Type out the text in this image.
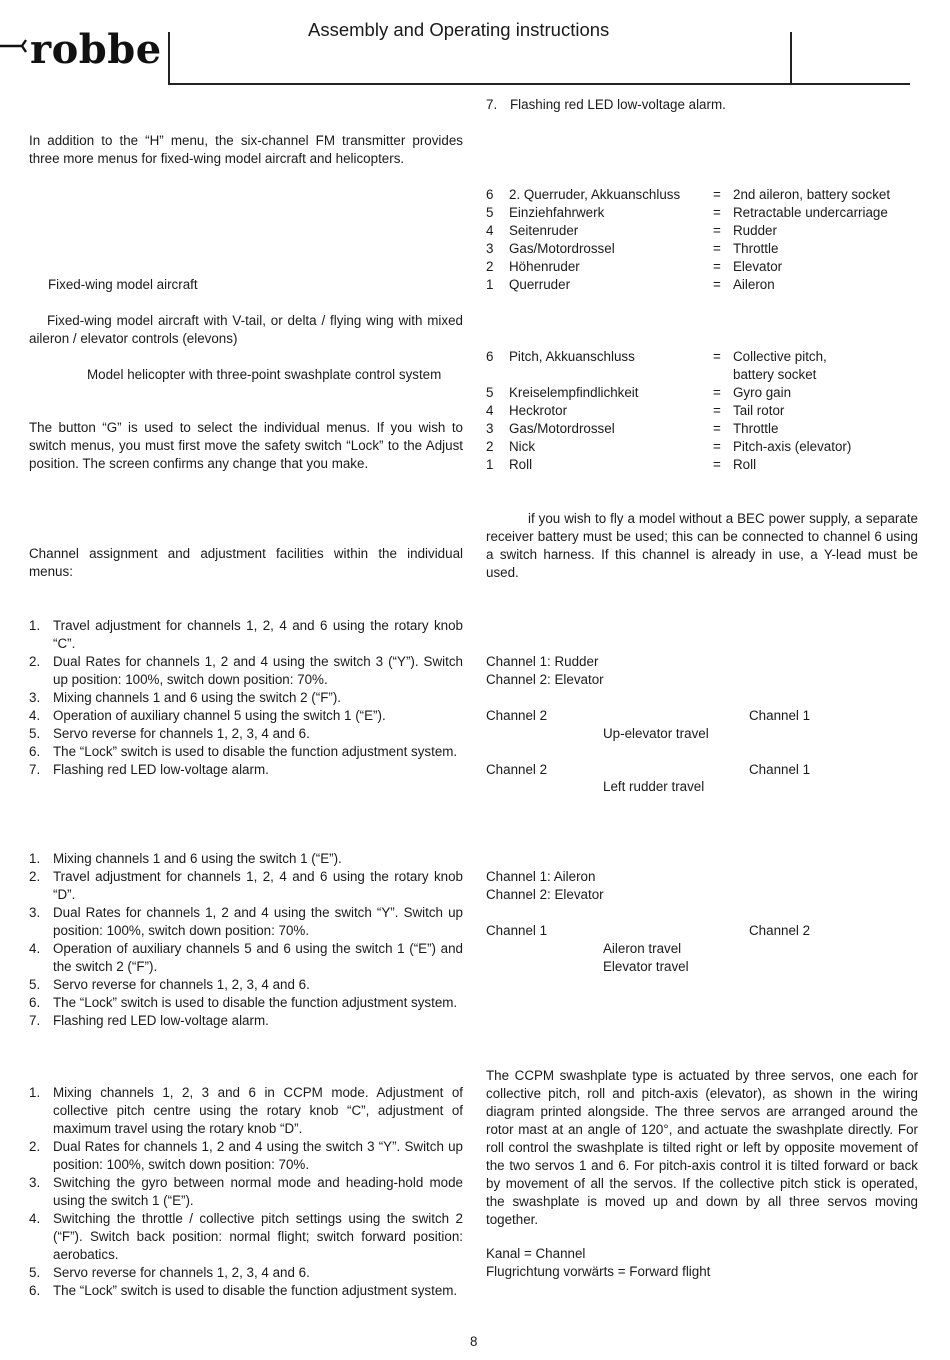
robbe	Assembly and Operating instructions
In addition to the “H” menu, the six-channel FM transmitter provides three more menus for fixed-wing model aircraft and helicopters.
Fixed-wing model aircraft
Fixed-wing model aircraft with V-tail, or delta / flying wing with mixed aileron / elevator controls (elevons)
Model helicopter with three-point swashplate control system
The button “G” is used to select the individual menus. If you wish to switch menus, you must first move the safety switch “Lock” to the Adjust position. The screen confirms any change that you make.
Channel assignment and adjustment facilities within the individual menus:
1. Travel adjustment for channels 1, 2, 4 and 6 using the rotary knob “C”.
2. Dual Rates for channels 1, 2 and 4 using the switch 3 (“Y”). Switch up position: 100%, switch down position: 70%.
3. Mixing channels 1 and 6 using the switch 2 (“F”).
4. Operation of auxiliary channel 5 using the switch 1 (“E”).
5. Servo reverse for channels 1, 2, 3, 4 and 6.
6. The “Lock” switch is used to disable the function adjustment system.
7. Flashing red LED low-voltage alarm.
1. Mixing channels 1 and 6 using the switch 1 (“E”).
2. Travel adjustment for channels 1, 2, 4 and 6 using the rotary knob “D”.
3. Dual Rates for channels 1, 2 and 4 using the switch “Y”. Switch up position: 100%, switch down position: 70%.
4. Operation of auxiliary channels 5 and 6 using the switch 1 (“E”) and the switch 2 (“F”).
5. Servo reverse for channels 1, 2, 3, 4 and 6.
6. The “Lock” switch is used to disable the function adjustment system.
7. Flashing red LED low-voltage alarm.
1. Mixing channels 1, 2, 3 and 6 in CCPM mode. Adjustment of collective pitch centre using the rotary knob “C”, adjustment of maximum travel using the rotary knob “D”.
2. Dual Rates for channels 1, 2 and 4 using the switch 3 “Y”. Switch up position: 100%, switch down position: 70%.
3. Switching the gyro between normal mode and heading-hold mode using the switch 1 (“E”).
4. Switching the throttle / collective pitch settings using the switch 2 (“F”). Switch back position: normal flight; switch forward position: aerobatics.
5. Servo reverse for channels 1, 2, 3, 4 and 6.
6. The “Lock” switch is used to disable the function adjustment system.
7. Flashing red LED low-voltage alarm.
6 2. Querruder, Akkuanschluss = 2nd aileron, battery socket
5 Einziehfahrwerk	= Retractable undercarriage
4 Seitenruder	= Rudder
3 Gas/Motordrossel	= Throttle
2 Höhenruder	= Elevator
1 Querruder	= Aileron
6 Pitch, Akkuanschluss	= Collective pitch,
battery socket
5 Kreiselempfindlichkeit	= Gyro gain
4 Heckrotor	= Tail rotor
3 Gas/Motordrossel	= Throttle
2 Nick	= Pitch-axis (elevator)
1 Roll	= Roll
if you wish to fly a model without a BEC power supply, a separate receiver battery must be used; this can be connected to channel 6 using a switch harness. If this channel is already in use, a Y-lead must be used.
Channel 1: Rudder
Channel 2: Elevator
Channel 2	Channel 1
Up-elevator travel
Channel 2	Channel 1
Left rudder travel
Channel 1: Aileron
Channel 2: Elevator
Channel 1	Channel 2
Aileron travel
Elevator travel
The CCPM swashplate type is actuated by three servos, one each for collective pitch, roll and pitch-axis (elevator), as shown in the wiring diagram printed alongside. The three servos are arranged around the rotor mast at an angle of 120°, and actuate the swashplate directly. For roll control the swashplate is tilted right or left by opposite movement of the two servos 1 and 6. For pitch-axis control it is tilted forward or back by movement of all the servos. If the collective pitch stick is operated, the swashplate is moved up and down by all three servos moving together.
Kanal = Channel
Flugrichtung vorwärts = Forward flight
8
